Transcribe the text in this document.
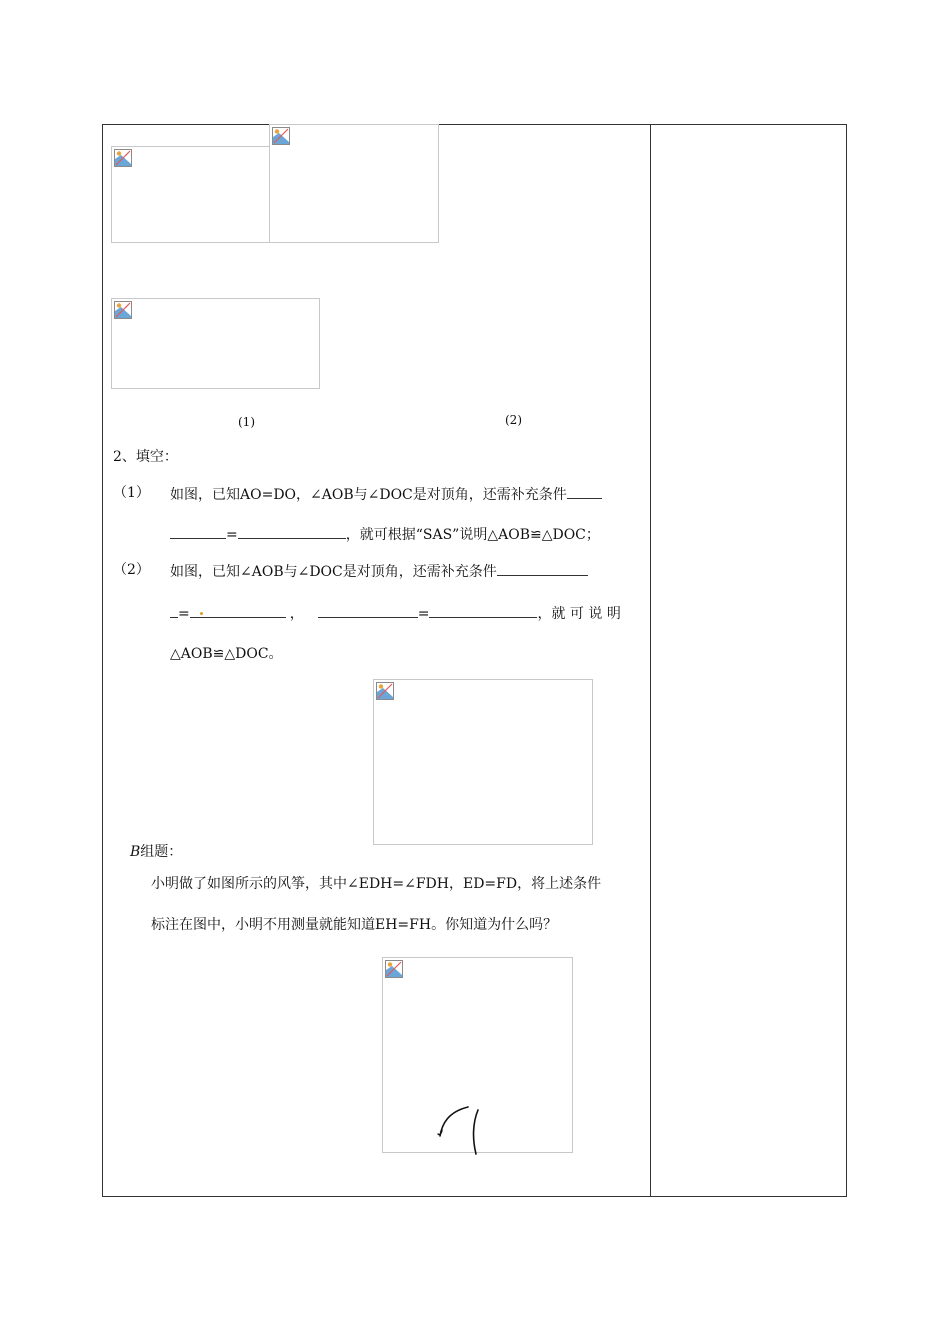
(1)	(2)
2、填空：
（1） 如图，已知AO=DO，∠AOB与∠DOC是对顶角，还需补充条件
=	，就可根据“SAS”说明△AOB≌△DOC；
（2） 如图，已知∠AOB与∠DOC是对顶角，还需补充条件
=	，	=	，就 可 说 明
△AOB≌△DOC。
B组题：
小明做了如图所示的风筝，其中∠EDH=∠FDH，ED=FD，将上述条件
标注在图中，小明不用测量就能知道EH=FH。你知道为什么吗？
